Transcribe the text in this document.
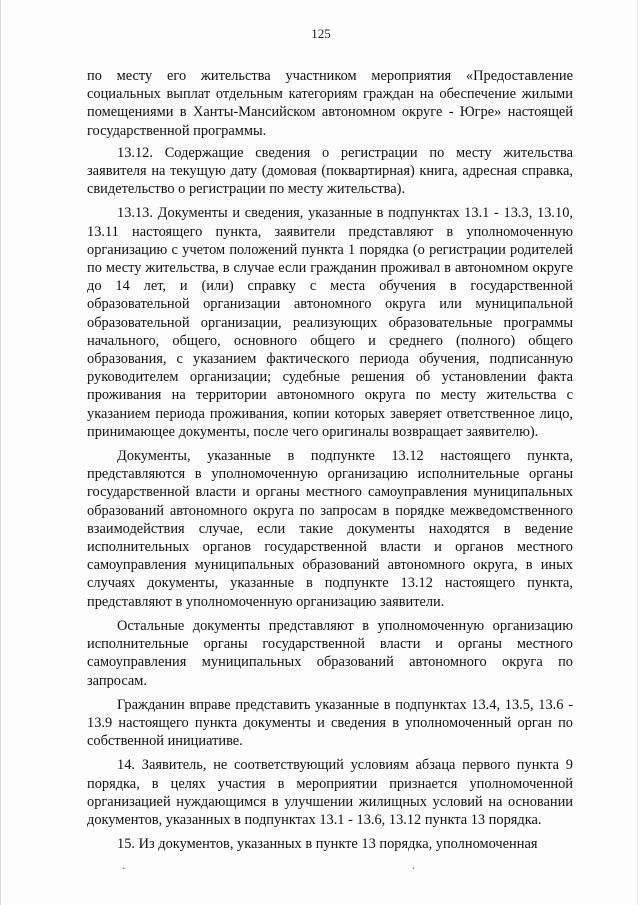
125

по месту его жительства участником мероприятия «Предоставление социальных выплат отдельным категориям граждан на обеспечение жилыми помещениями в Ханты-Мансийском автономном округе - Югре» настоящей государственной программы.

13.12. Содержащие сведения о регистрации по месту жительства заявителя на текущую дату (домовая (поквартирная) книга, адресная справка, свидетельство о регистрации по месту жительства).

13.13. Документы и сведения, указанные в подпунктах 13.1 - 13.3, 13.10, 13.11 настоящего пункта, заявители представляют в уполномоченную организацию с учетом положений пункта 1 порядка (о регистрации родителей по месту жительства, в случае если гражданин проживал в автономном округе до 14 лет, и (или) справку с места обучения в государственной образовательной организации автономного округа или муниципальной образовательной организации, реализующих образовательные программы начального, общего, основного общего и среднего (полного) общего образования, с указанием фактического периода обучения, подписанную руководителем организации; судебные решения об установлении факта проживания на территории автономного округа по месту жительства с указанием периода проживания, копии которых заверяет ответственное лицо, принимающее документы, после чего оригиналы возвращает заявителю).

Документы, указанные в подпункте 13.12 настоящего пункта, представляются в уполномоченную организацию исполнительные органы государственной власти и органы местного самоуправления муниципальных образований автономного округа по запросам в порядке межведомственного взаимодействия случае, если такие документы находятся в ведение исполнительных органов государственной власти и органов местного самоуправления муниципальных образований автономного округа, в иных случаях документы, указанные в подпункте 13.12 настоящего пункта, представляют в уполномоченную организацию заявители.

Остальные документы представляют в уполномоченную организацию исполнительные органы государственной власти и органы местного самоуправления муниципальных образований автономного округа по запросам.

Гражданин вправе представить указанные в подпунктах 13.4, 13.5, 13.6 - 13.9 настоящего пункта документы и сведения в уполномоченный орган по собственной инициативе.

14. Заявитель, не соответствующий условиям абзаца первого пункта 9 порядка, в целях участия в мероприятии признается уполномоченной организацией нуждающимся в улучшении жилищных условий на основании документов, указанных в подпунктах 13.1 - 13.6, 13.12 пункта 13 порядка.

15. Из документов, указанных в пункте 13 порядка, уполномоченная

.	.
